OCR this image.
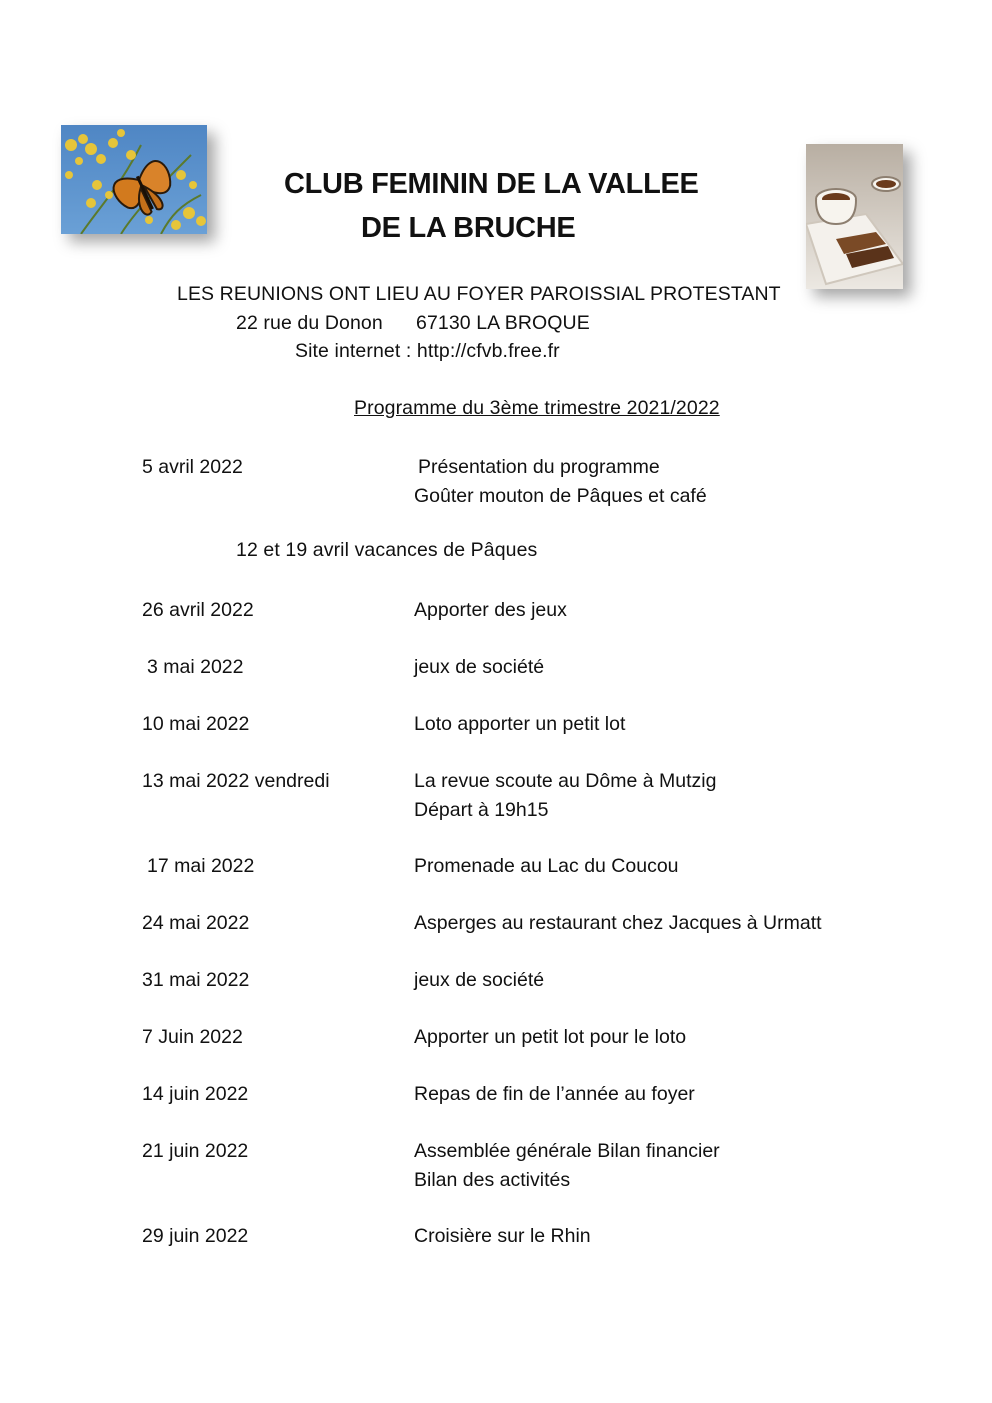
CLUB FEMININ DE LA VALLEE
DE LA BRUCHE
LES REUNIONS ONT LIEU AU FOYER PAROISSIAL PROTESTANT
22 rue du Donon 67130 LA BROQUE
Site internet : http://cfvb.free.fr
Programme du 3ème trimestre 2021/2022
5 avril 2022	Présentation du programme
Goûter mouton de Pâques et café
12 et 19 avril vacances de Pâques
26 avril 2022	Apporter des jeux
3 mai 2022	jeux de société
10 mai 2022	Loto apporter un petit lot
13 mai 2022 vendredi	La revue scoute au Dôme à Mutzig
Départ à 19h15
17 mai 2022	Promenade au Lac du Coucou
24 mai 2022	Asperges au restaurant chez Jacques à Urmatt
31 mai 2022	jeux de société
7 Juin 2022	Apporter un petit lot pour le loto
14 juin 2022	Repas de fin de l’année au foyer
21 juin 2022	Assemblée générale Bilan financier
Bilan des activités
29 juin 2022	Croisière sur le Rhin
